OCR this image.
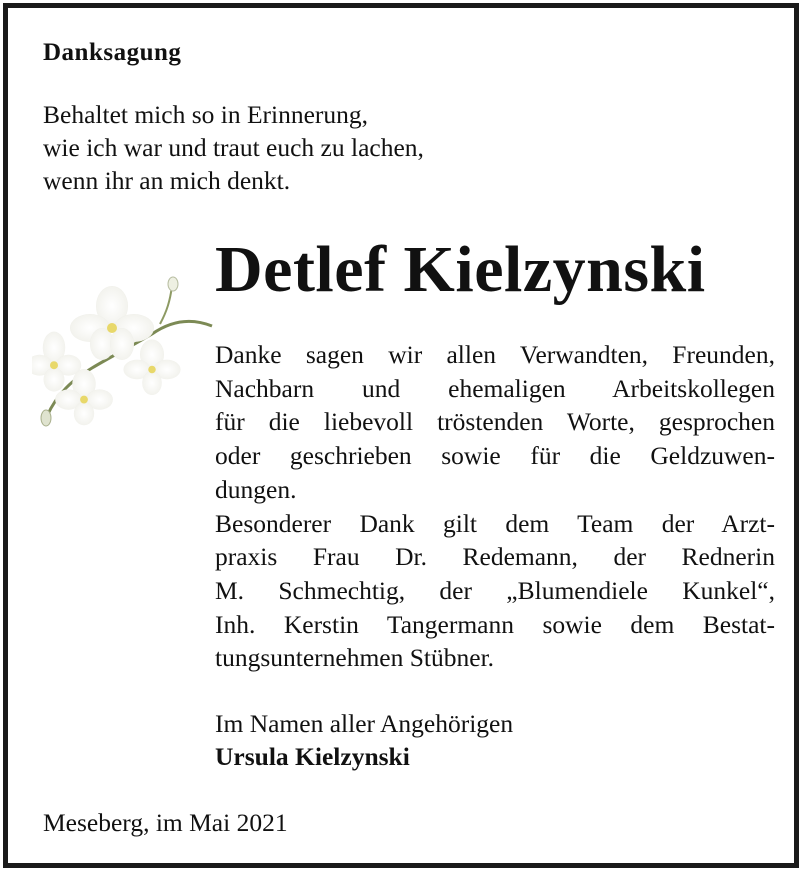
Danksagung
Behaltet mich so in Erinnerung,
wie ich war und traut euch zu lachen,
wenn ihr an mich denkt.
Detlef Kielzynski

Danke sagen wir allen Verwandten, Freunden,

Nachbarn und ehemaligen Arbeitskollegen

für die liebevoll tröstenden Worte, gesprochen

oder geschrieben sowie für die Geldzuwen-

dungen.

Besonderer Dank gilt dem Team der Arzt-

praxis Frau Dr. Redemann, der Rednerin

M. Schmechtig, der „Blumendiele Kunkel“,

Inh. Kerstin Tangermann sowie dem Bestat-

tungsunternehmen Stübner.

Im Namen aller Angehörigen
Ursula Kielzynski
Meseberg, im Mai 2021
